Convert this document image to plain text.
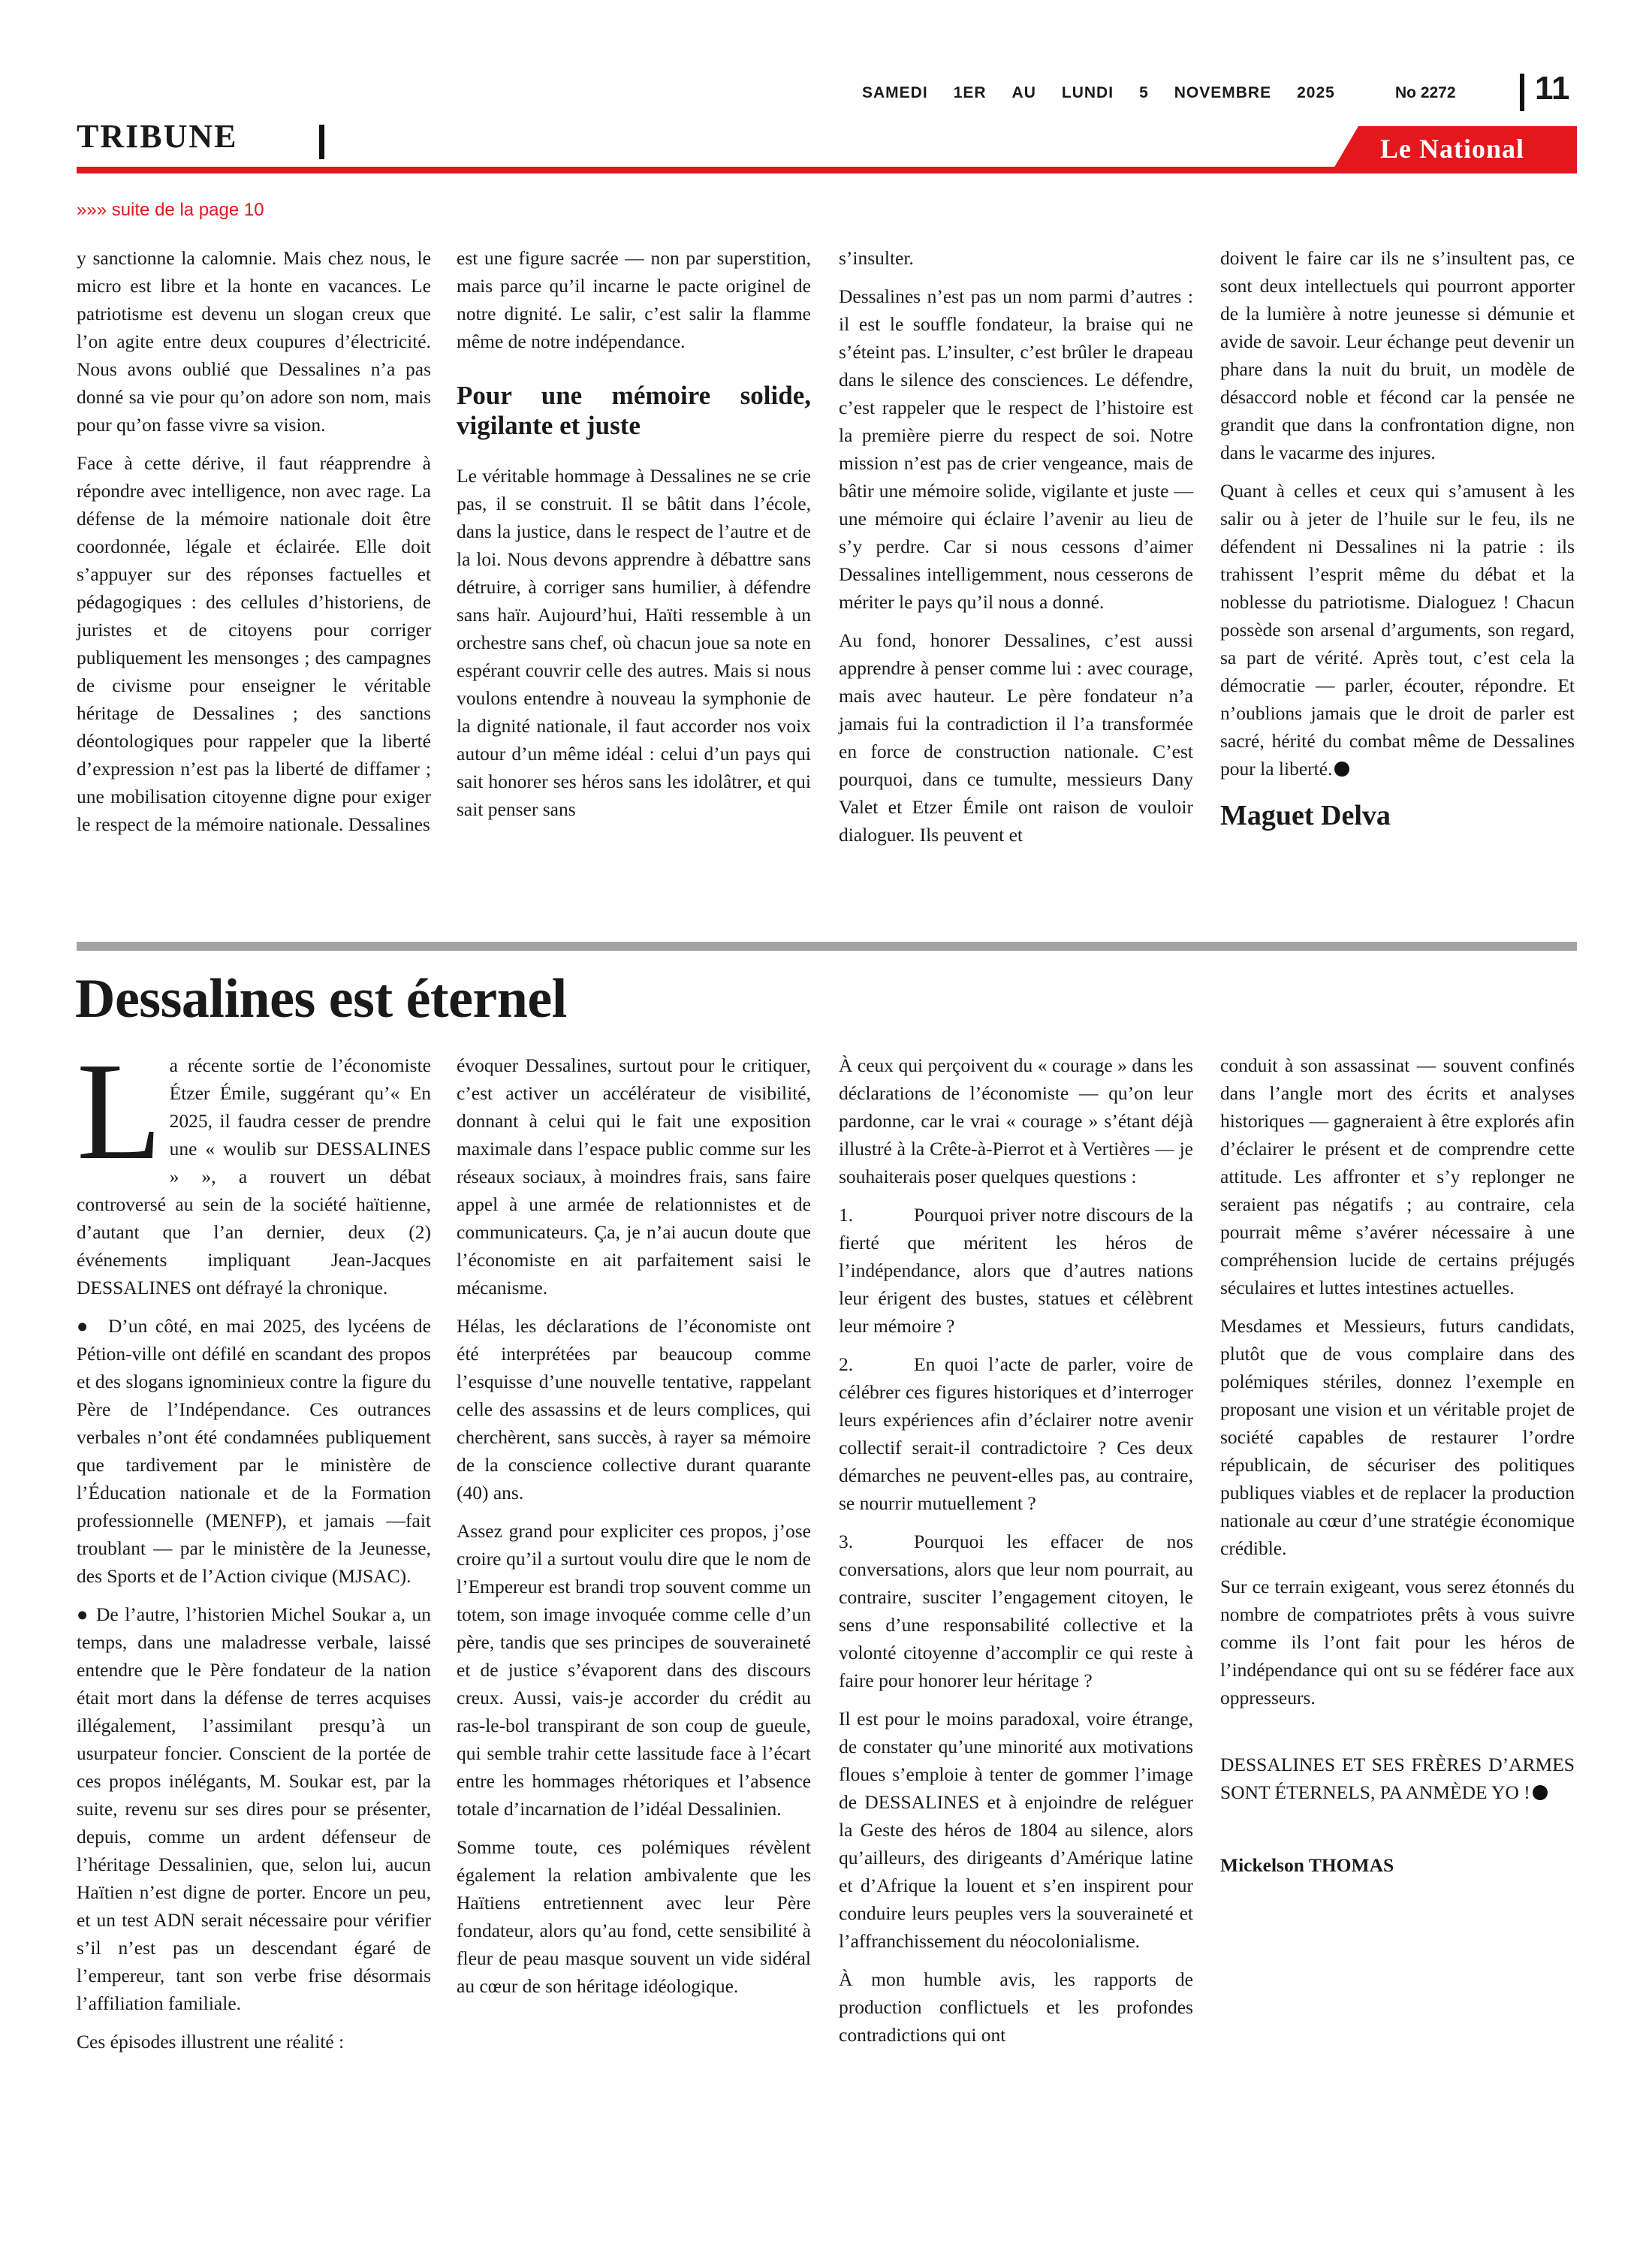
SAMEDI 1ER AU LUNDI 5 NOVEMBRE 2025	No 2272 11
TRIBUNE	Le National
»»» suite de la page 10

y sanctionne la calomnie. Mais chez nous, le micro est libre et la honte en vacances. Le patriotisme est devenu un slogan creux que l’on agite entre deux coupures d’électricité. Nous avons oublié que Dessalines n’a pas donné sa vie pour qu’on adore son nom, mais pour qu’on fasse vivre sa vision.

Face à cette dérive, il faut réapprendre à répondre avec intelligence, non avec rage. La défense de la mémoire nationale doit être coordonnée, légale et éclairée. Elle doit s’appuyer sur des réponses factuelles et pédagogiques : des cellules d’historiens, de juristes et de citoyens pour corriger publiquement les mensonges ; des campagnes de civisme pour enseigner le véritable héritage de Dessalines ; des sanctions déontologiques pour rappeler que la liberté d’expression n’est pas la liberté de diffamer ; une mobilisation citoyenne digne pour exiger le respect de la mémoire nationale. Dessalines

est une figure sacrée — non par superstition, mais parce qu’il incarne le pacte originel de notre dignité. Le salir, c’est salir la flamme même de notre indépendance.

Pour une mémoire solide, vigilante et juste

Le véritable hommage à Dessalines ne se crie pas, il se construit. Il se bâtit dans l’école, dans la justice, dans le respect de l’autre et de la loi. Nous devons apprendre à débattre sans détruire, à corriger sans humilier, à défendre sans haïr. Aujourd’hui, Haïti ressemble à un orchestre sans chef, où chacun joue sa note en espérant couvrir celle des autres. Mais si nous voulons entendre à nouveau la symphonie de la dignité nationale, il faut accorder nos voix autour d’un même idéal : celui d’un pays qui sait honorer ses héros sans les idolâtrer, et qui sait penser sans

s’insulter.

Dessalines n’est pas un nom parmi d’autres : il est le souffle fondateur, la braise qui ne s’éteint pas. L’insulter, c’est brûler le drapeau dans le silence des consciences. Le défendre, c’est rappeler que le respect de l’histoire est la première pierre du respect de soi. Notre mission n’est pas de crier vengeance, mais de bâtir une mémoire solide, vigilante et juste — une mémoire qui éclaire l’avenir au lieu de s’y perdre. Car si nous cessons d’aimer Dessalines intelligemment, nous cesserons de mériter le pays qu’il nous a donné.

Au fond, honorer Dessalines, c’est aussi apprendre à penser comme lui : avec courage, mais avec hauteur. Le père fondateur n’a jamais fui la contradiction il l’a transformée en force de construction nationale. C’est pourquoi, dans ce tumulte, messieurs Dany Valet et Etzer Émile ont raison de vouloir dialoguer. Ils peuvent et

doivent le faire car ils ne s’insultent pas, ce sont deux intellectuels qui pourront apporter de la lumière à notre jeunesse si démunie et avide de savoir. Leur échange peut devenir un phare dans la nuit du bruit, un modèle de désaccord noble et fécond car la pensée ne grandit que dans la confrontation digne, non dans le vacarme des injures.

Quant à celles et ceux qui s’amusent à les salir ou à jeter de l’huile sur le feu, ils ne défendent ni Dessalines ni la patrie : ils trahissent l’esprit même du débat et la noblesse du patriotisme. Dialoguez ! Chacun possède son arsenal d’arguments, son regard, sa part de vérité. Après tout, c’est cela la démocratie — parler, écouter, répondre. Et n’oublions jamais que le droit de parler est sacré, hérité du combat même de Dessalines pour la liberté.

Maguet Delva
Dessalines est éternel

La récente sortie de l’économiste Étzer Émile, suggérant qu’« En 2025, il faudra cesser de prendre une « woulib sur DESSALINES » », a rouvert un débat controversé au sein de la société haïtienne, d’autant que l’an dernier, deux (2) événements impliquant Jean-Jacques DESSALINES ont défrayé la chronique.

● D’un côté, en mai 2025, des lycéens de Pétion-ville ont défilé en scandant des propos et des slogans ignominieux contre la figure du Père de l’Indépendance. Ces outrances verbales n’ont été condamnées publiquement que tardivement par le ministère de l’Éducation nationale et de la Formation professionnelle (MENFP), et jamais —fait troublant — par le ministère de la Jeunesse, des Sports et de l’Action civique (MJSAC).

● De l’autre, l’historien Michel Soukar a, un temps, dans une maladresse verbale, laissé entendre que le Père fondateur de la nation était mort dans la défense de terres acquises illégalement, l’assimilant presqu’à un usurpateur foncier. Conscient de la portée de ces propos inélégants, M. Soukar est, par la suite, revenu sur ses dires pour se présenter, depuis, comme un ardent défenseur de l’héritage Dessalinien, que, selon lui, aucun Haïtien n’est digne de porter. Encore un peu, et un test ADN serait nécessaire pour vérifier s’il n’est pas un descendant égaré de l’empereur, tant son verbe frise désormais l’affiliation familiale.

Ces épisodes illustrent une réalité :

évoquer Dessalines, surtout pour le critiquer, c’est activer un accélérateur de visibilité, donnant à celui qui le fait une exposition maximale dans l’espace public comme sur les réseaux sociaux, à moindres frais, sans faire appel à une armée de relationnistes et de communicateurs. Ça, je n’ai aucun doute que l’économiste en ait parfaitement saisi le mécanisme.

Hélas, les déclarations de l’économiste ont été interprétées par beaucoup comme l’esquisse d’une nouvelle tentative, rappelant celle des assassins et de leurs complices, qui cherchèrent, sans succès, à rayer sa mémoire de la conscience collective durant quarante (40) ans.

Assez grand pour expliciter ces propos, j’ose croire qu’il a surtout voulu dire que le nom de l’Empereur est brandi trop souvent comme un totem, son image invoquée comme celle d’un père, tandis que ses principes de souveraineté et de justice s’évaporent dans des discours creux. Aussi, vais-je accorder du crédit au ras-le-bol transpirant de son coup de gueule, qui semble trahir cette lassitude face à l’écart entre les hommages rhétoriques et l’absence totale d’incarnation de l’idéal Dessalinien.

Somme toute, ces polémiques révèlent également la relation ambivalente que les Haïtiens entretiennent avec leur Père fondateur, alors qu’au fond, cette sensibilité à fleur de peau masque souvent un vide sidéral au cœur de son héritage idéologique.

À ceux qui perçoivent du « courage » dans les déclarations de l’économiste — qu’on leur pardonne, car le vrai « courage » s’étant déjà illustré à la Crête-à-Pierrot et à Vertières — je souhaiterais poser quelques questions :

1.	Pourquoi priver notre discours de la fierté que méritent les héros de l’indépendance, alors que d’autres nations leur érigent des bustes, statues et célèbrent leur mémoire ?

2.	En quoi l’acte de parler, voire de célébrer ces figures historiques et d’interroger leurs expériences afin d’éclairer notre avenir collectif serait-il contradictoire ? Ces deux démarches ne peuvent-elles pas, au contraire, se nourrir mutuellement ?

3.	Pourquoi les effacer de nos conversations, alors que leur nom pourrait, au contraire, susciter l’engagement citoyen, le sens d’une responsabilité collective et la volonté citoyenne d’accomplir ce qui reste à faire pour honorer leur héritage ?

Il est pour le moins paradoxal, voire étrange, de constater qu’une minorité aux motivations floues s’emploie à tenter de gommer l’image de DESSALINES et à enjoindre de reléguer la Geste des héros de 1804 au silence, alors qu’ailleurs, des dirigeants d’Amérique latine et d’Afrique la louent et s’en inspirent pour conduire leurs peuples vers la souveraineté et l’affranchissement du néocolonialisme.

À mon humble avis, les rapports de production conflictuels et les profondes contradictions qui ont

conduit à son assassinat — souvent confinés dans l’angle mort des écrits et analyses historiques — gagneraient à être explorés afin d’éclairer le présent et de comprendre cette attitude. Les affronter et s’y replonger ne seraient pas négatifs ; au contraire, cela pourrait même s’avérer nécessaire à une compréhension lucide de certains préjugés séculaires et luttes intestines actuelles.

Mesdames et Messieurs, futurs candidats, plutôt que de vous complaire dans des polémiques stériles, donnez l’exemple en proposant une vision et un véritable projet de société capables de restaurer l’ordre républicain, de sécuriser des politiques publiques viables et de replacer la production nationale au cœur d’une stratégie économique crédible.

Sur ce terrain exigeant, vous serez étonnés du nombre de compatriotes prêts à vous suivre comme ils l’ont fait pour les héros de l’indépendance qui ont su se fédérer face aux oppresseurs.

DESSALINES ET SES FRÈRES D’ARMES SONT ÉTERNELS, PA ANMÈDE YO !

Mickelson THOMAS
